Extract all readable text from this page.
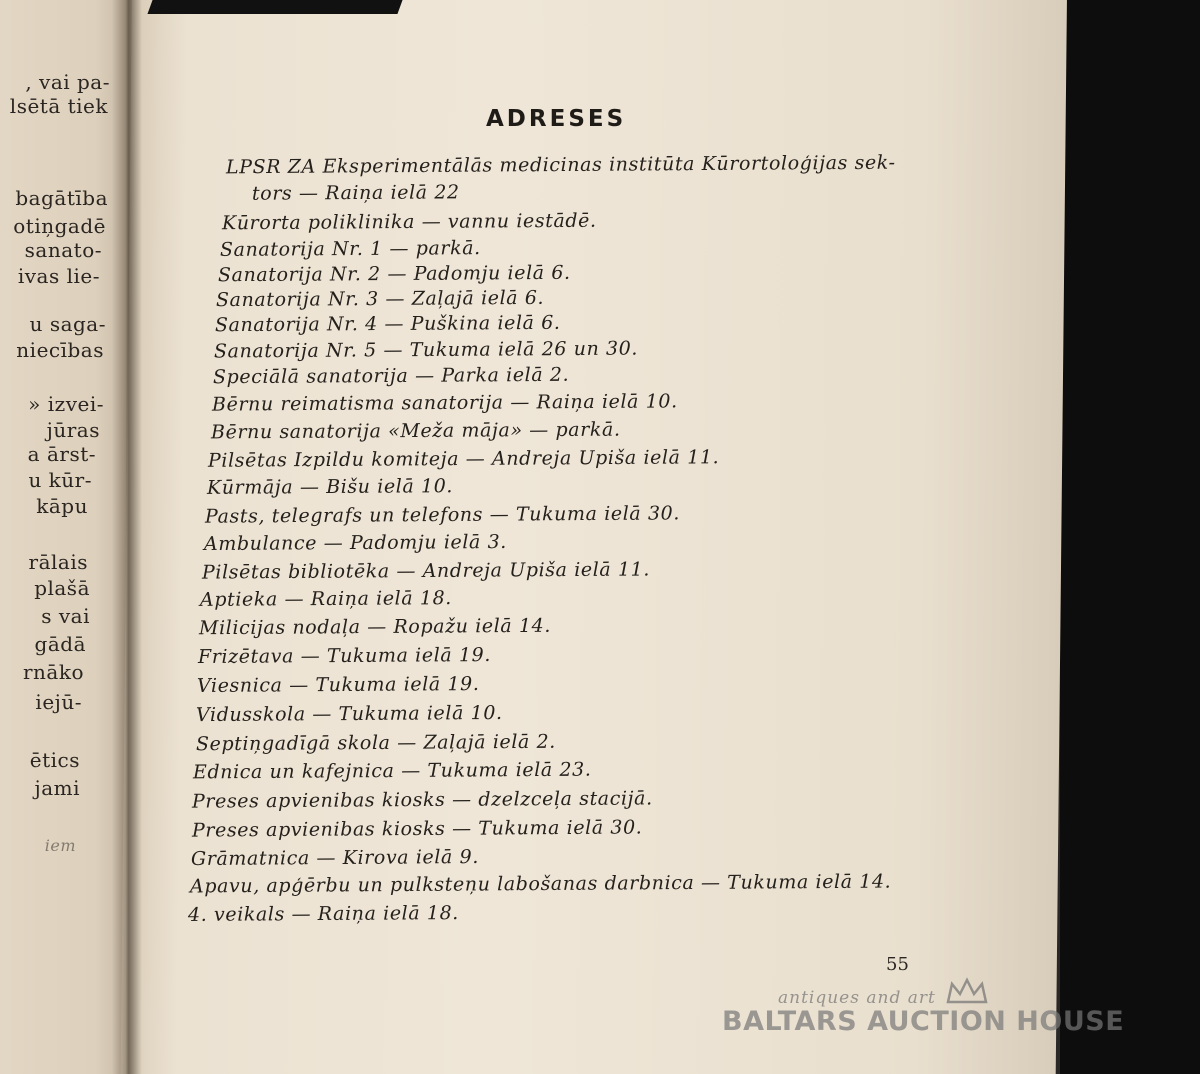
, vai pa-
lsētā tiek
bagātība
otiņgadē
sanato-
ivas lie-
u saga-
niecības
» izvei-
jūras
a ārst-
u kūr-
kāpu
rālais
plašā
s vai
gādā
rnāko
iejū-
ētics
jami
iem
ADRESES
LPSR ZA Eksperimentālās medicinas institūta Kūrortoloģijas sek-
tors — Raiņa ielā 22
Kūrorta poliklinika — vannu iestādē.
Sanatorija Nr. 1 — parkā.
Sanatorija Nr. 2 — Padomju ielā 6.
Sanatorija Nr. 3 — Zaļajā ielā 6.
Sanatorija Nr. 4 — Puškina ielā 6.
Sanatorija Nr. 5 — Tukuma ielā 26 un 30.
Speciālā sanatorija — Parka ielā 2.
Bērnu reimatisma sanatorija — Raiņa ielā 10.
Bērnu sanatorija «Meža māja» — parkā.
Pilsētas Izpildu komiteja — Andreja Upiša ielā 11.
Kūrmāja — Bišu ielā 10.
Pasts, telegrafs un telefons — Tukuma ielā 30.
Ambulance — Padomju ielā 3.
Pilsētas bibliotēka — Andreja Upiša ielā 11.
Aptieka — Raiņa ielā 18.
Milicijas nodaļa — Ropažu ielā 14.
Frizētava — Tukuma ielā 19.
Viesnica — Tukuma ielā 19.
Vidusskola — Tukuma ielā 10.
Septiņgadīgā skola — Zaļajā ielā 2.
Ednica un kafejnica — Tukuma ielā 23.
Preses apvienibas kiosks — dzelzceļa stacijā.
Preses apvienibas kiosks — Tukuma ielā 30.
Grāmatnica — Kirova ielā 9.
Apavu, apģērbu un pulksteņu labošanas darbnica — Tukuma ielā 14.
4. veikals — Raiņa ielā 18.
55
antiques and art
BALTARS AUCTION HOUSE
